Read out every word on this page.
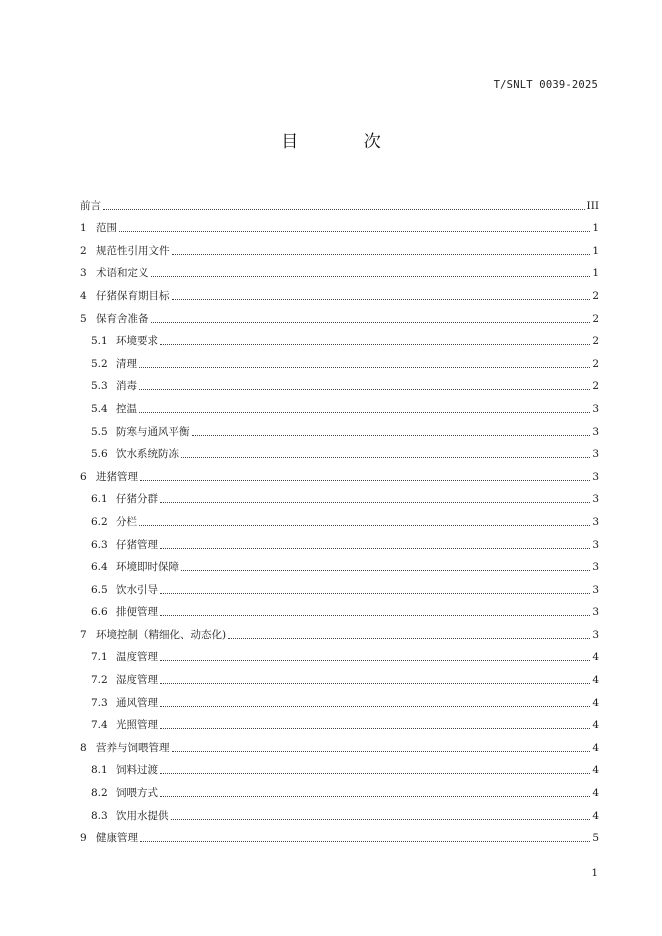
T/SNLT 0039-2025
目 次
前言	III
1 范围	1
2 规范性引用文件	1
3 术语和定义	1
4 仔猪保育期目标	2
5 保育舍准备	2
5.1 环境要求	2
5.2 清理	2
5.3 消毒	2
5.4 控温	3
5.5 防寒与通风平衡	3
5.6 饮水系统防冻	3
6 进猪管理	3
6.1 仔猪分群	3
6.2 分栏	3
6.3 仔猪管理	3
6.4 环境即时保障	3
6.5 饮水引导	3
6.6 排便管理	3
7 环境控制（精细化、动态化)	3
7.1 温度管理	4
7.2 湿度管理	4
7.3 通风管理	4
7.4 光照管理	4
8 营养与饲喂管理	4
8.1 饲料过渡	4
8.2 饲喂方式	4
8.3 饮用水提供	4
9 健康管理	5
1
